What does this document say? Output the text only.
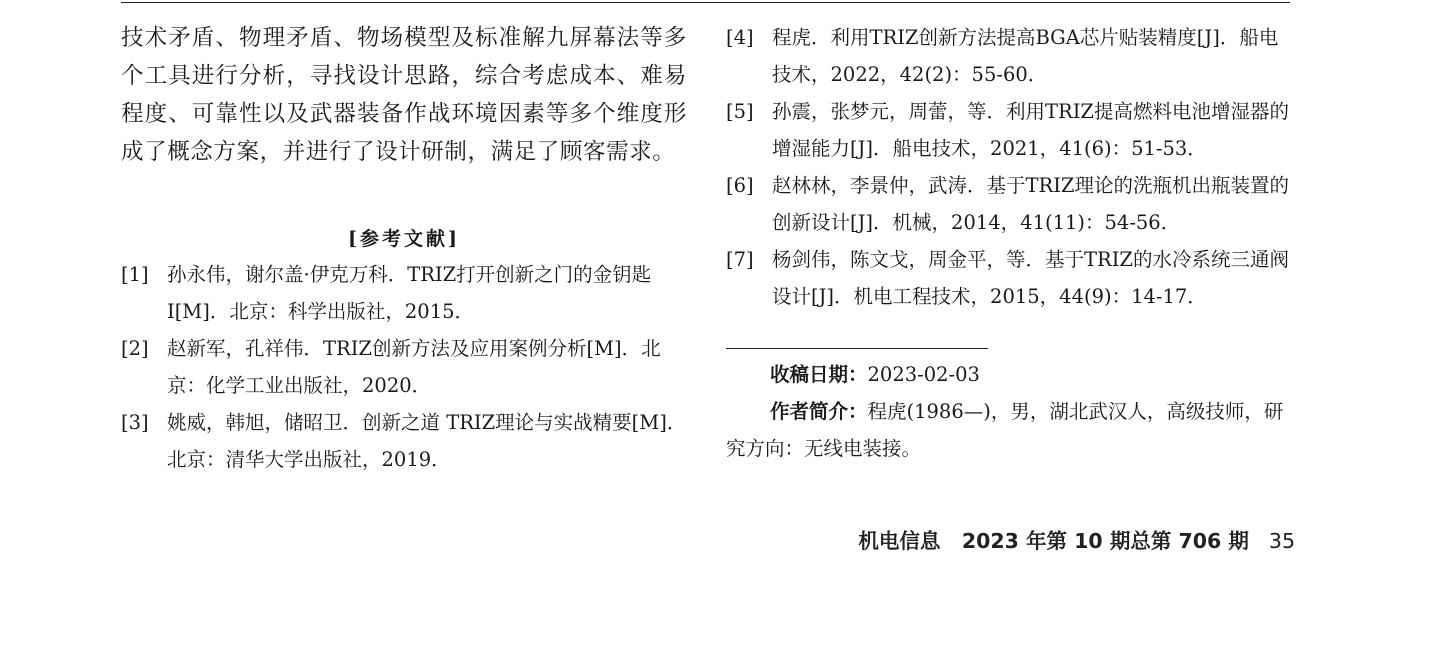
技术矛盾、物理矛盾、物场模型及标准解九屏幕法等多个工具进行分析，寻找设计思路，综合考虑成本、难易程度、可靠性以及武器装备作战环境因素等多个维度形成了概念方案，并进行了设计研制，满足了顾客需求。

[参考文献]
[1] 孙永伟，谢尔盖·伊克万科．TRIZ打开创新之门的金钥匙Ⅰ[M]．北京：科学出版社，2015．
[2] 赵新军，孔祥伟．TRIZ创新方法及应用案例分析[M]．北京：化学工业出版社，2020．
[3] 姚威，韩旭，储昭卫．创新之道 TRIZ理论与实战精要[M]．北京：清华大学出版社，2019．
[4] 程虎．利用TRIZ创新方法提高BGA芯片贴装精度[J]．船电技术，2022，42(2)：55-60．
[5] 孙震，张梦元，周蕾，等．利用TRIZ提高燃料电池增湿器的增湿能力[J]．船电技术，2021，41(6)：51-53．
[6] 赵林林，李景仲，武涛．基于TRIZ理论的洗瓶机出瓶装置的创新设计[J]．机械，2014，41(11)：54-56．
[7] 杨剑伟，陈文戈，周金平，等．基于TRIZ的水冷系统三通阀设计[J]．机电工程技术，2015，44(9)：14-17．
收稿日期：2023-02-03
作者简介：程虎(1986—)，男，湖北武汉人，高级技师，研究方向：无线电装接。
机电信息 2023 年第 10 期总第 706 期 35
